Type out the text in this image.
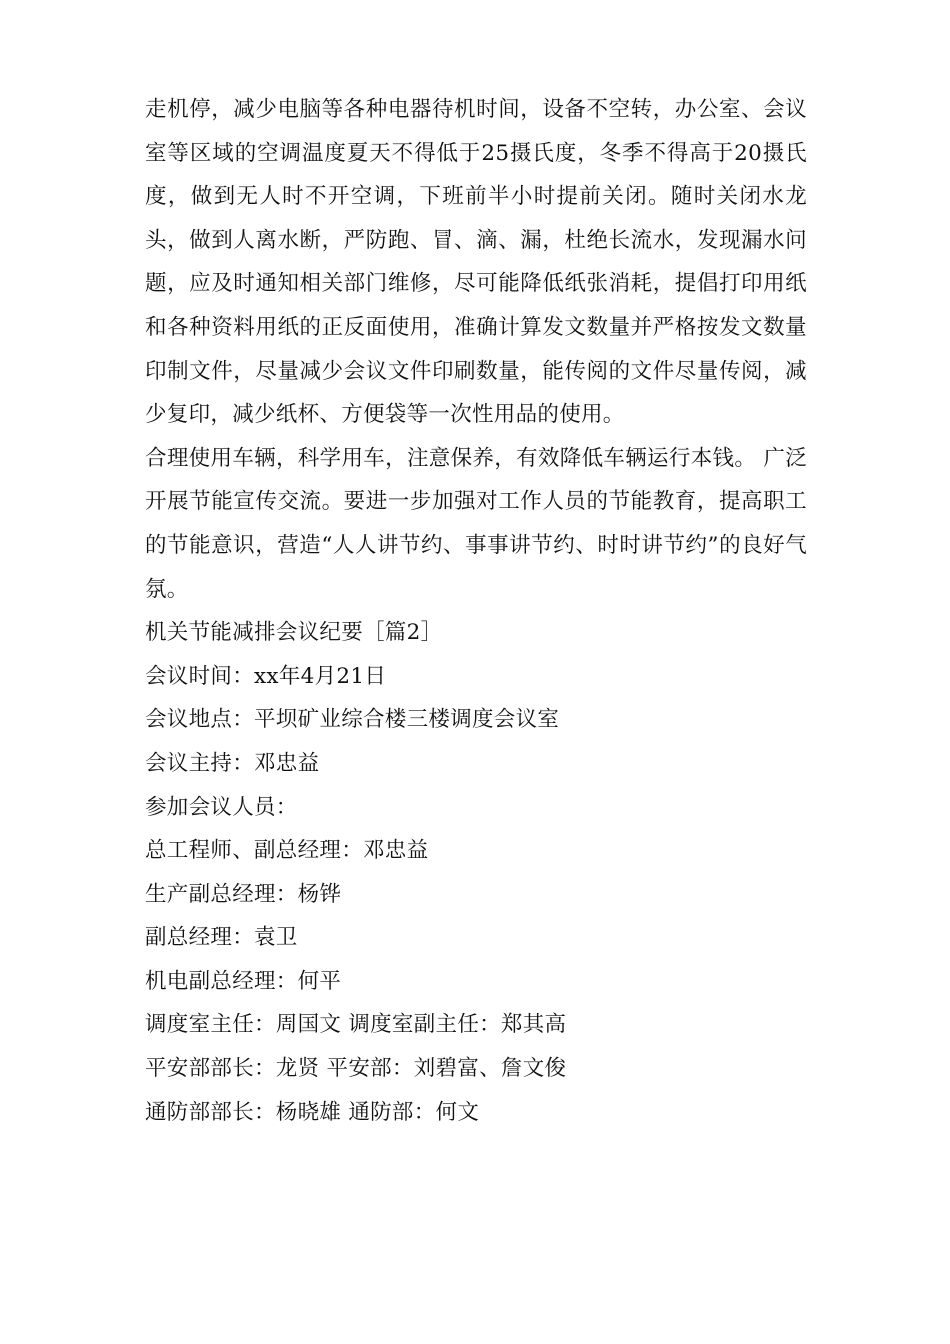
走机停，减少电脑等各种电器待机时间，设备不空转，办公室、会议室等区域的空调温度夏天不得低于25摄氏度，冬季不得高于20摄氏度，做到无人时不开空调，下班前半小时提前关闭。随时关闭水龙头，做到人离水断，严防跑、冒、滴、漏，杜绝长流水，发现漏水问题，应及时通知相关部门维修，尽可能降低纸张消耗，提倡打印用纸和各种资料用纸的正反面使用，准确计算发文数量并严格按发文数量印制文件，尽量减少会议文件印刷数量，能传阅的文件尽量传阅，减少复印，减少纸杯、方便袋等一次性用品的使用。

合理使用车辆，科学用车，注意保养，有效降低车辆运行本钱。 广泛开展节能宣传交流。要进一步加强对工作人员的节能教育，提高职工的节能意识，营造“人人讲节约、事事讲节约、时时讲节约”的良好气氛。

机关节能减排会议纪要［篇2］

会议时间：xx年4月21日

会议地点：平坝矿业综合楼三楼调度会议室

会议主持：邓忠益

参加会议人员：

总工程师、副总经理：邓忠益

生产副总经理：杨铧

副总经理：袁卫

机电副总经理：何平

调度室主任：周国文 调度室副主任：郑其高

平安部部长：龙贤 平安部：刘碧富、詹文俊

通防部部长：杨晓雄 通防部：何文
